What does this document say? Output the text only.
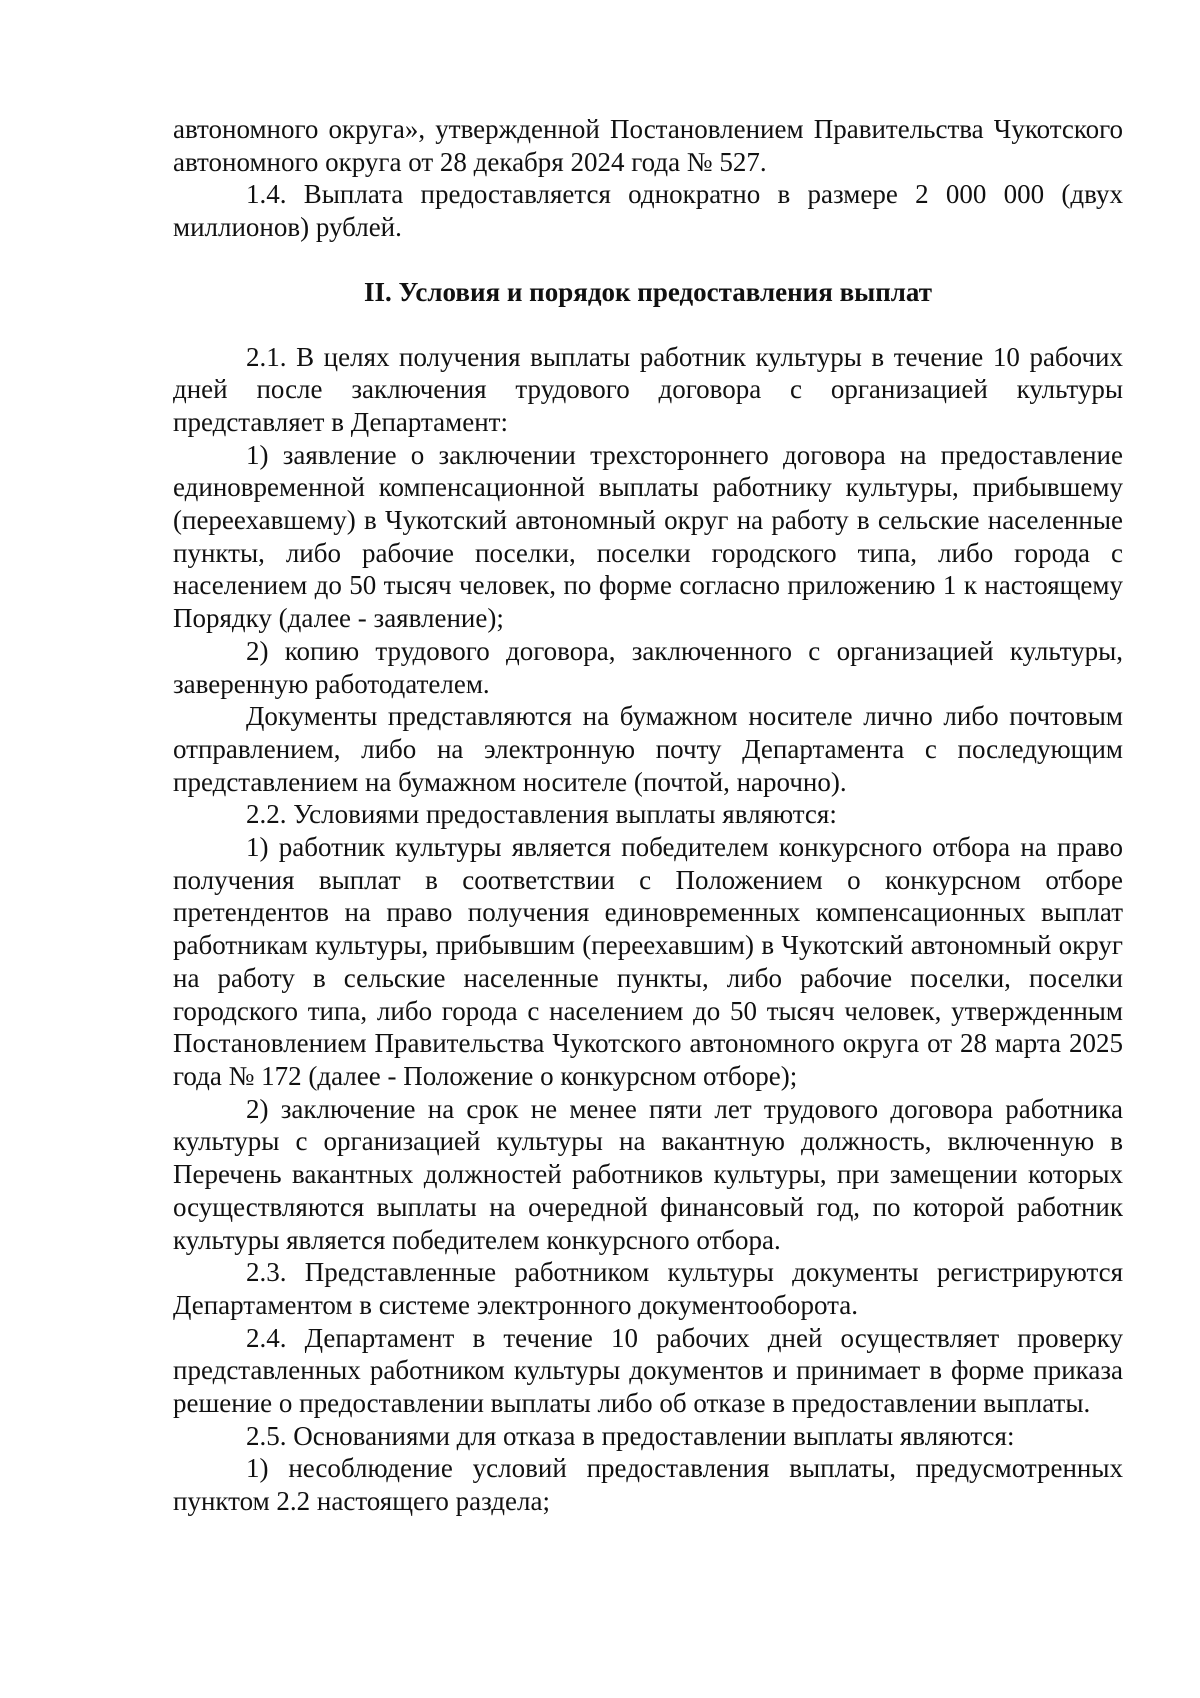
автономного округа», утвержденной Постановлением Правительства Чукотского автономного округа от 28 декабря 2024 года № 527.

1.4. Выплата предоставляется однократно в размере 2 000 000 (двух миллионов) рублей.

II. Условия и порядок предоставления выплат

2.1. В целях получения выплаты работник культуры в течение 10 рабочих дней после заключения трудового договора с организацией культуры представляет в Департамент:

1) заявление о заключении трехстороннего договора на предоставление единовременной компенсационной выплаты работнику культуры, прибывшему (переехавшему) в Чукотский автономный округ на работу в сельские населенные пункты, либо рабочие поселки, поселки городского типа, либо города с населением до 50 тысяч человек, по форме согласно приложению 1 к настоящему Порядку (далее - заявление);

2) копию трудового договора, заключенного с организацией культуры, заверенную работодателем.

Документы представляются на бумажном носителе лично либо почтовым отправлением, либо на электронную почту Департамента с последующим представлением на бумажном носителе (почтой, нарочно).

2.2. Условиями предоставления выплаты являются:

1) работник культуры является победителем конкурсного отбора на право получения выплат в соответствии с Положением о конкурсном отборе претендентов на право получения единовременных компенсационных выплат работникам культуры, прибывшим (переехавшим) в Чукотский автономный округ на работу в сельские населенные пункты, либо рабочие поселки, поселки городского типа, либо города с населением до 50 тысяч человек, утвержденным Постановлением Правительства Чукотского автономного округа от 28 марта 2025 года № 172 (далее - Положение о конкурсном отборе);

2) заключение на срок не менее пяти лет трудового договора работника культуры с организацией культуры на вакантную должность, включенную в Перечень вакантных должностей работников культуры, при замещении которых осуществляются выплаты на очередной финансовый год, по которой работник культуры является победителем конкурсного отбора.

2.3. Представленные работником культуры документы регистрируются Департаментом в системе электронного документооборота.

2.4. Департамент в течение 10 рабочих дней осуществляет проверку представленных работником культуры документов и принимает в форме приказа решение о предоставлении выплаты либо об отказе в предоставлении выплаты.

2.5. Основаниями для отказа в предоставлении выплаты являются:

1) несоблюдение условий предоставления выплаты, предусмотренных пунктом 2.2 настоящего раздела;
